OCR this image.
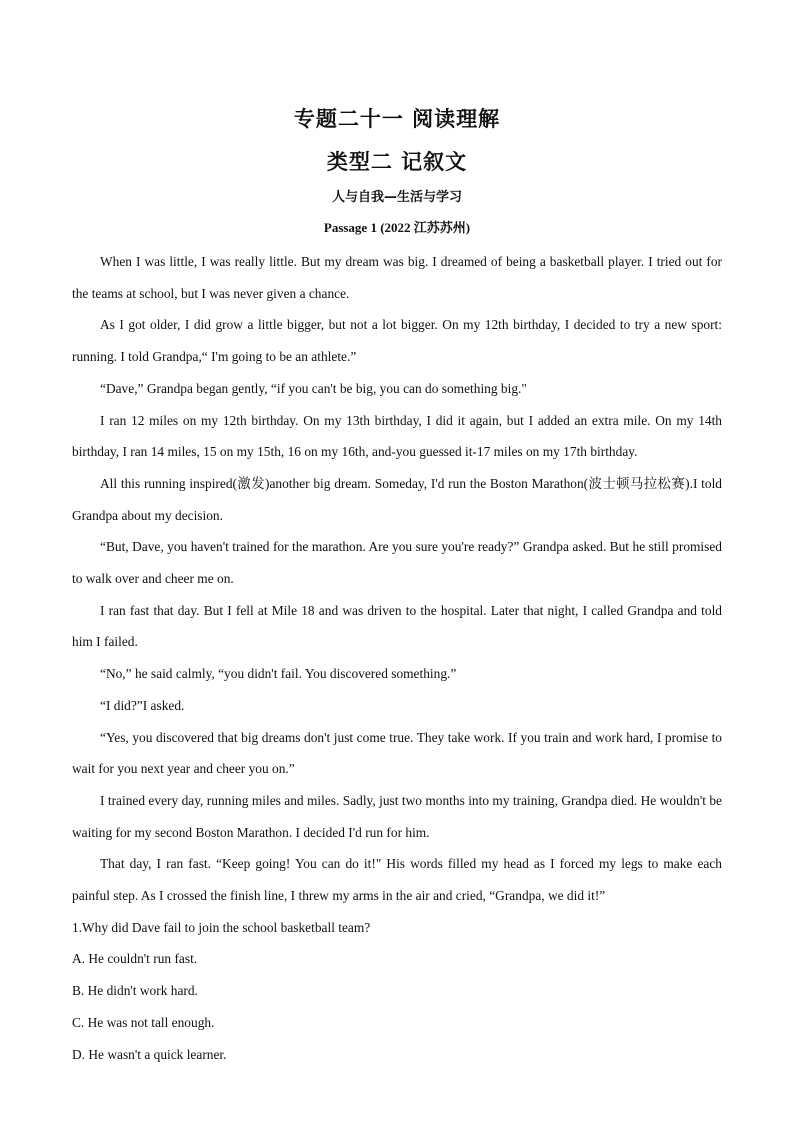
专题二十一 阅读理解
类型二 记叙文
人与自我—生活与学习
Passage 1 (2022 江苏苏州)

When I was little, I was really little. But my dream was big. I dreamed of being a basketball player. I tried out for the teams at school, but I was never given a chance.

As I got older, I did grow a little bigger, but not a lot bigger. On my 12th birthday, I decided to try a new sport: running. I told Grandpa,“ I'm going to be an athlete.”

“Dave,” Grandpa began gently, “if you can't be big, you can do something big."

I ran 12 miles on my 12th birthday. On my 13th birthday, I did it again, but I added an extra mile. On my 14th birthday, I ran 14 miles, 15 on my 15th, 16 on my 16th, and-you guessed it-17 miles on my 17th birthday.

All this running inspired(激发)another big dream. Someday, I'd run the Boston Marathon(波士顿马拉松赛).I told Grandpa about my decision.

“But, Dave, you haven't trained for the marathon. Are you sure you're ready?” Grandpa asked. But he still promised to walk over and cheer me on.

I ran fast that day. But I fell at Mile 18 and was driven to the hospital. Later that night, I called Grandpa and told him I failed.

“No,” he said calmly, “you didn't fail. You discovered something.”

“I did?”I asked.

“Yes, you discovered that big dreams don't just come true. They take work. If you train and work hard, I promise to wait for you next year and cheer you on.”

I trained every day, running miles and miles. Sadly, just two months into my training, Grandpa died. He wouldn't be waiting for my second Boston Marathon. I decided I'd run for him.

That day, I ran fast. “Keep going! You can do it!" His words filled my head as I forced my legs to make each painful step. As I crossed the finish line, I threw my arms in the air and cried, “Grandpa, we did it!”

1.Why did Dave fail to join the school basketball team?
A. He couldn't run fast.
B. He didn't work hard.
C. He was not tall enough.
D. He wasn't a quick learner.
